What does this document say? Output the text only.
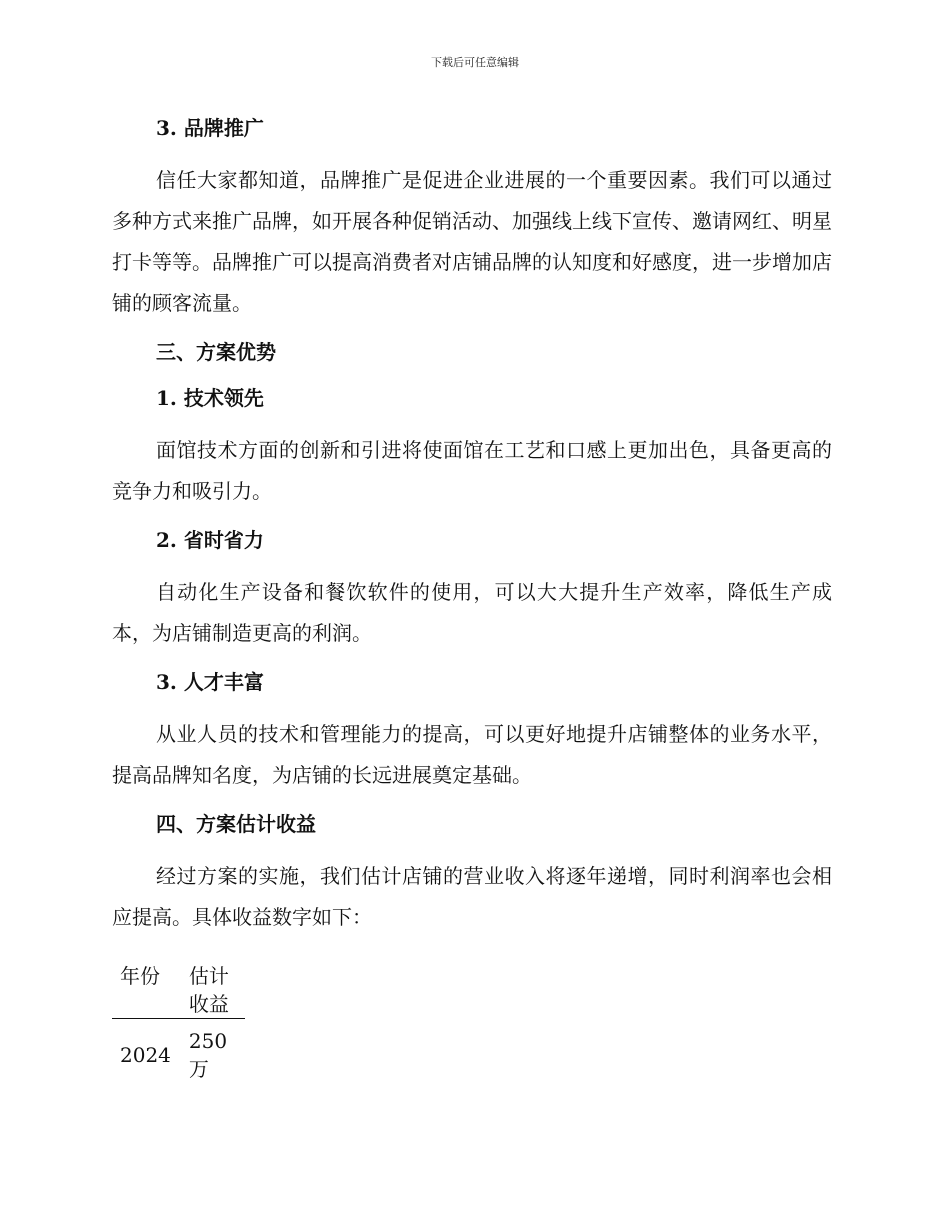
下载后可任意编辑
3. 品牌推广

信任大家都知道，品牌推广是促进企业进展的一个重要因素。我们可以通过多种方式来推广品牌，如开展各种促销活动、加强线上线下宣传、邀请网红、明星打卡等等。品牌推广可以提高消费者对店铺品牌的认知度和好感度，进一步增加店铺的顾客流量。

三、方案优势
1. 技术领先

面馆技术方面的创新和引进将使面馆在工艺和口感上更加出色，具备更高的竞争力和吸引力。

2. 省时省力

自动化生产设备和餐饮软件的使用，可以大大提升生产效率，降低生产成本，为店铺制造更高的利润。

3. 人才丰富

从业人员的技术和管理能力的提高，可以更好地提升店铺整体的业务水平，提高品牌知名度，为店铺的长远进展奠定基础。

四、方案估计收益

经过方案的实施，我们估计店铺的营业收入将逐年递增，同时利润率也会相应提高。具体收益数字如下：

年份	估计收益
2024	250 万
